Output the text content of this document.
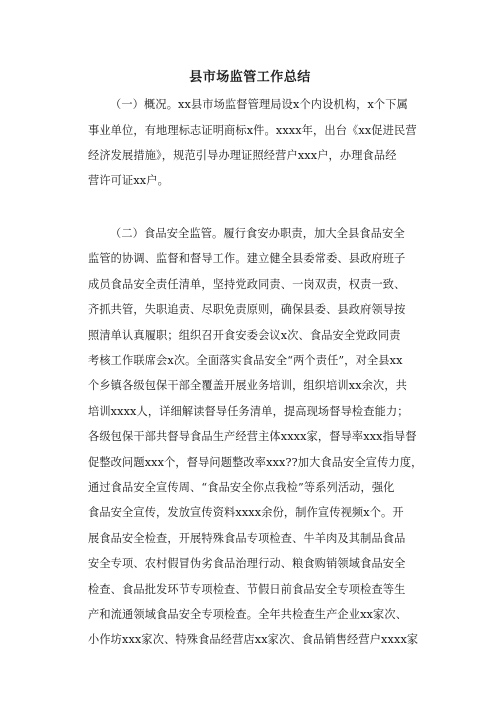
县市场监管工作总结
（一）概况。xx县市场监督管理局设x个内设机构，x个下属
事业单位，有地理标志证明商标x件。xxxx年，出台《xx促进民营
经济发展措施》，规范引导办理证照经营户xxx户，办理食品经
营许可证xx户。
（二）食品安全监管。履行食安办职责，加大全县食品安全
监管的协调、监督和督导工作。建立健全县委常委、县政府班子
成员食品安全责任清单，坚持党政同责、一岗双责，权责一致、
齐抓共管，失职追责、尽职免责原则，确保县委、县政府领导按
照清单认真履职；组织召开食安委会议x次、食品安全党政同责
考核工作联席会x次。全面落实食品安全“两个责任”，对全县xx
个乡镇各级包保干部全覆盖开展业务培训，组织培训xx余次，共
培训xxxx人，详细解读督导任务清单，提高现场督导检查能力；
各级包保干部共督导食品生产经营主体xxxx家，督导率xxx指导督
促整改问题xxx个，督导问题整改率xxx??加大食品安全宣传力度，
通过食品安全宣传周、“食品安全你点我检”等系列活动，强化
食品安全宣传，发放宣传资料xxxx余份，制作宣传视频x个。开
展食品安全检查，开展特殊食品专项检查、牛羊肉及其制品食品
安全专项、农村假冒伪劣食品治理行动、粮食购销领域食品安全
检查、食品批发环节专项检查、节假日前食品安全专项检查等生
产和流通领域食品安全专项检查。全年共检查生产企业xx家次、
小作坊xxx家次、特殊食品经营店xx家次、食品销售经营户xxxx家
